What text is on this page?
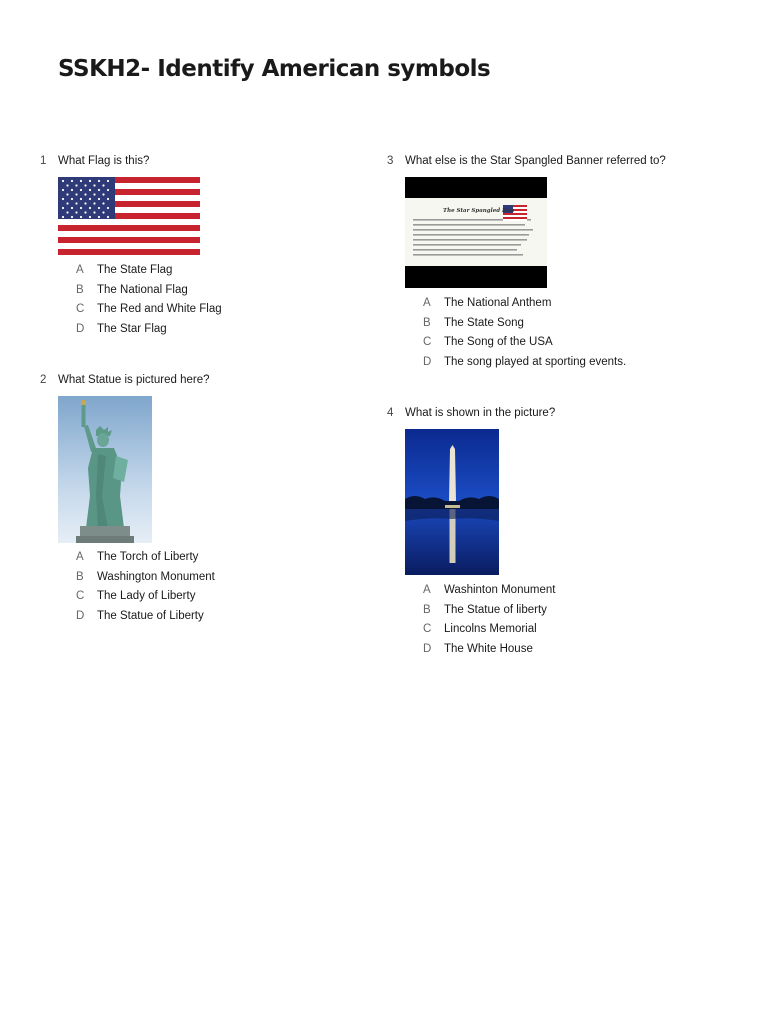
SSKH2- Identify American symbols
1	What Flag is this?
A The State Flag
B The National Flag
C The Red and White Flag
D The Star Flag
2	What Statue is pictured here?
A The Torch of Liberty
B Washington Monument
C The Lady of Liberty
D The Statue of Liberty
3	What else is the Star Spangled Banner referred to?
The Star Spangled Ban
A The National Anthem
B The State Song
C The Song of the USA
D The song played at sporting events.
4	What is shown in the picture?
A Washinton Monument
B The Statue of liberty
C Lincolns Memorial
D The White House
